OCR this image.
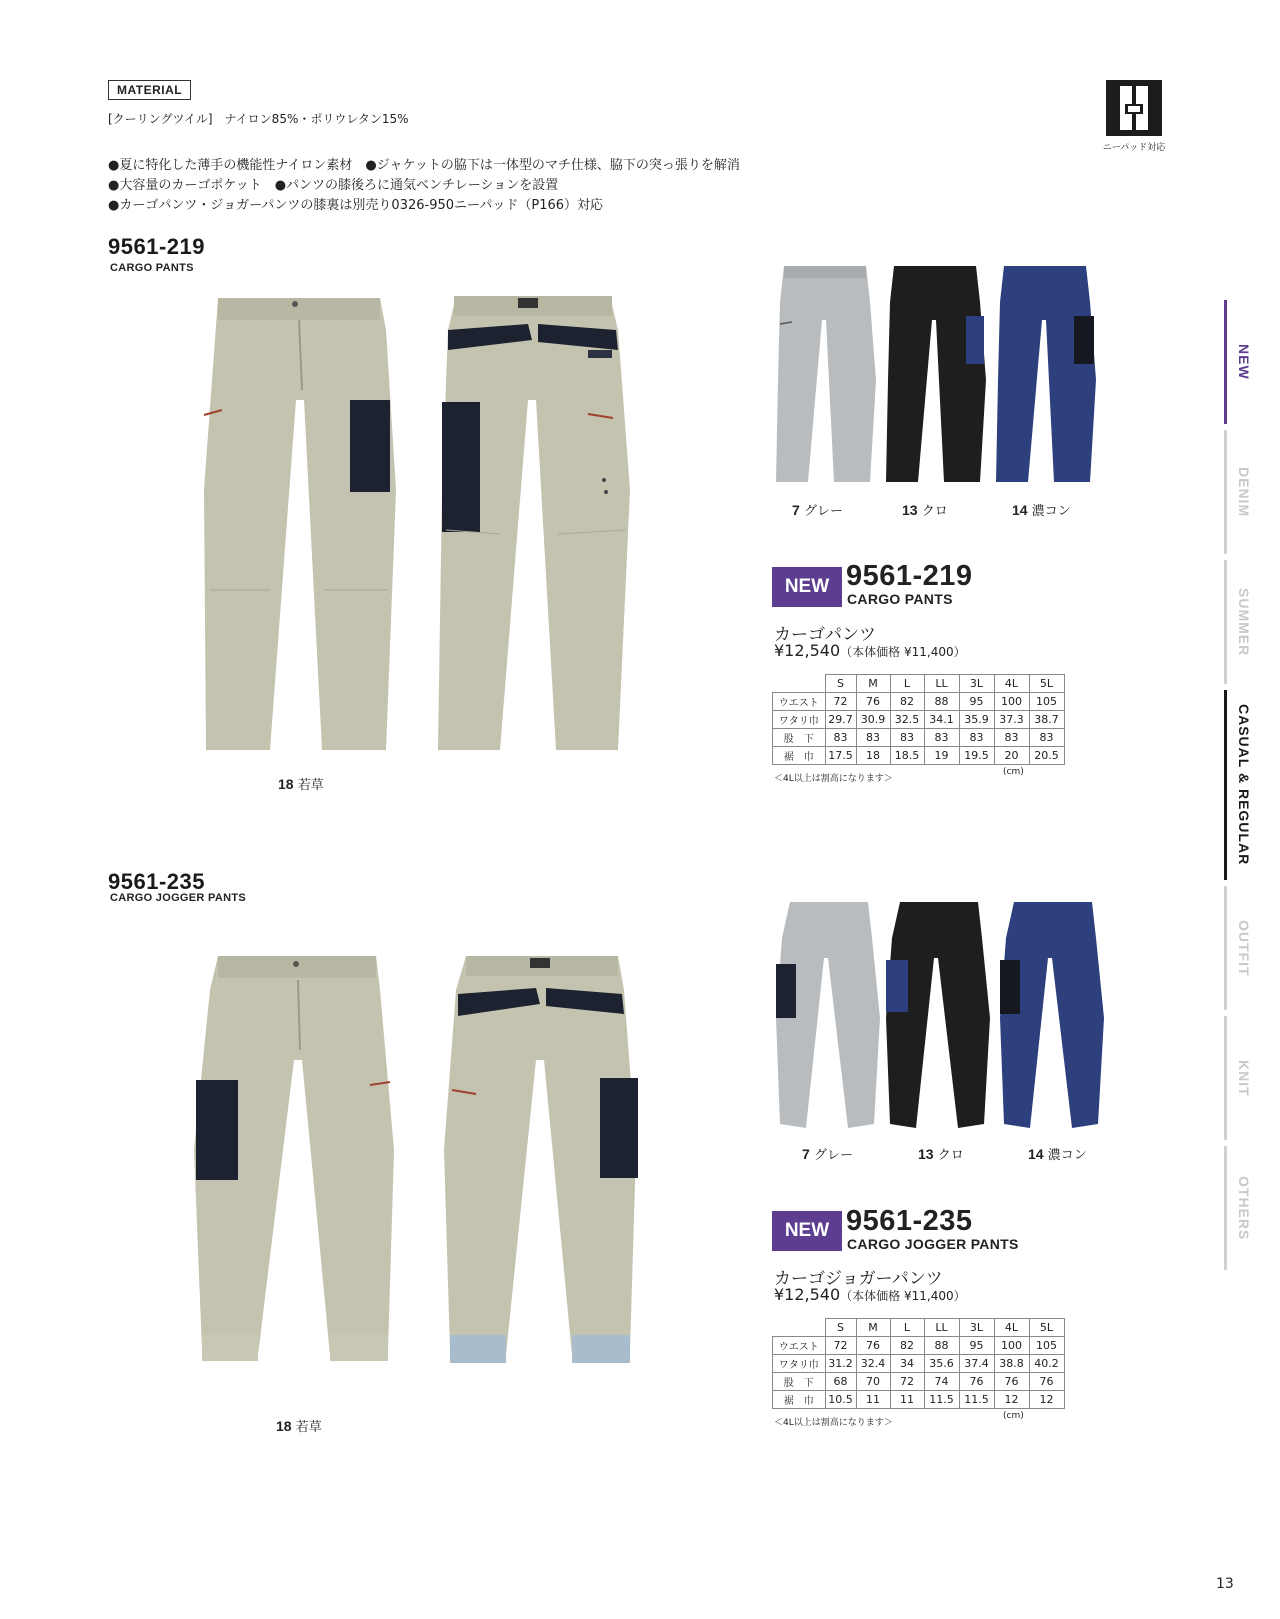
MATERIAL
[クーリングツイル]　ナイロン85%・ポリウレタン15%
ニーパッド対応
●夏に特化した薄手の機能性ナイロン素材　●ジャケットの脇下は一体型のマチ仕様、脇下の突っ張りを解消
●大容量のカーゴポケット　●パンツの膝後ろに通気ベンチレーションを設置
●カーゴパンツ・ジョガーパンツの膝裏は別売り0326-950ニーパッド（P166）対応
9561-219
CARGO PANTS
18 若草
7 グレー	13 クロ	14 濃コン
NEW 9561-219
CARGO PANTS
カーゴパンツ
¥12,540（本体価格 ¥11,400）
	S	M	L	LL	3L	4L	5L
ウエスト	72	76	82	88	95	100	105
ワタリ巾	29.7	30.9	32.5	34.1	35.9	37.3	38.7
股　下	83	83	83	83	83	83	83
裾　巾	17.5	18	18.5	19	19.5	20	20.5
＜4L以上は割高になります＞
(cm)
9561-235
CARGO JOGGER PANTS
18 若草
7 グレー	13 クロ	14 濃コン
NEW 9561-235
CARGO JOGGER PANTS
カーゴジョガーパンツ
¥12,540（本体価格 ¥11,400）
	S	M	L	LL	3L	4L	5L
ウエスト	72	76	82	88	95	100	105
ワタリ巾	31.2	32.4	34	35.6	37.4	38.8	40.2
股　下	68	70	72	74	76	76	76
裾　巾	10.5	11	11	11.5	11.5	12	12
＜4L以上は割高になります＞
(cm)
NEW
DENIM
SUMMER
CASUAL & REGULAR
OUTFIT
KNIT
OTHERS
13
